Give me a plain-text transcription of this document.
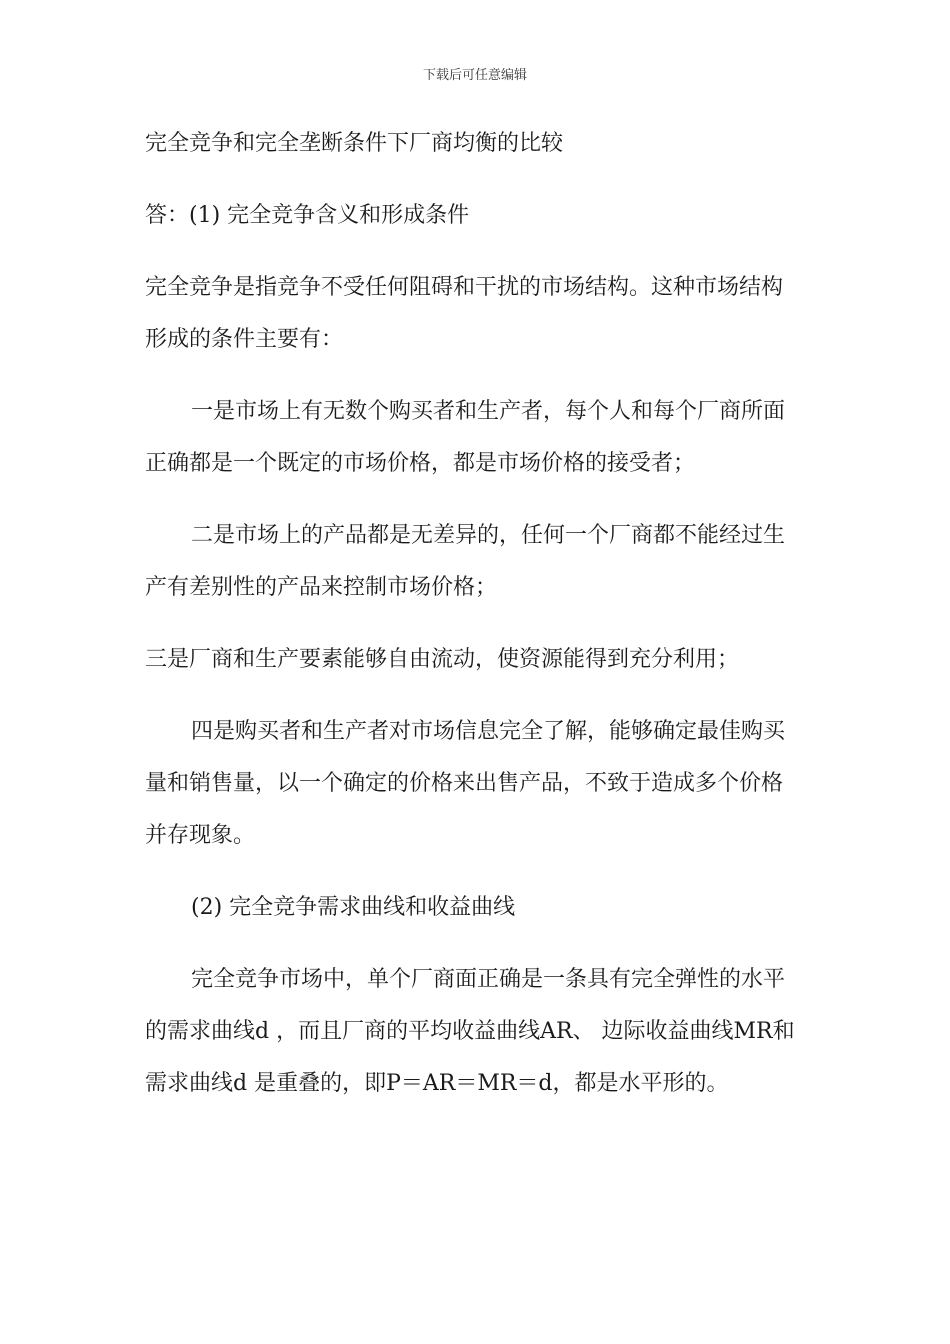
下载后可任意编辑

完全竞争和完全垄断条件下厂商均衡的比较

答：(1) 完全竞争含义和形成条件

完全竞争是指竞争不受任何阻碍和干扰的市场结构。这种市场结构形成的条件主要有：

一是市场上有无数个购买者和生产者，每个人和每个厂商所面正确都是一个既定的市场价格，都是市场价格的接受者；

二是市场上的产品都是无差异的，任何一个厂商都不能经过生产有差别性的产品来控制市场价格；

三是厂商和生产要素能够自由流动，使资源能得到充分利用；

四是购买者和生产者对市场信息完全了解，能够确定最佳购买量和销售量，以一个确定的价格来出售产品，不致于造成多个价格并存现象。

(2) 完全竞争需求曲线和收益曲线

完全竞争市场中，单个厂商面正确是一条具有完全弹性的水平的需求曲线d ，而且厂商的平均收益曲线AR、 边际收益曲线MR和需求曲线d 是重叠的，即P＝AR＝MR＝d，都是水平形的。
